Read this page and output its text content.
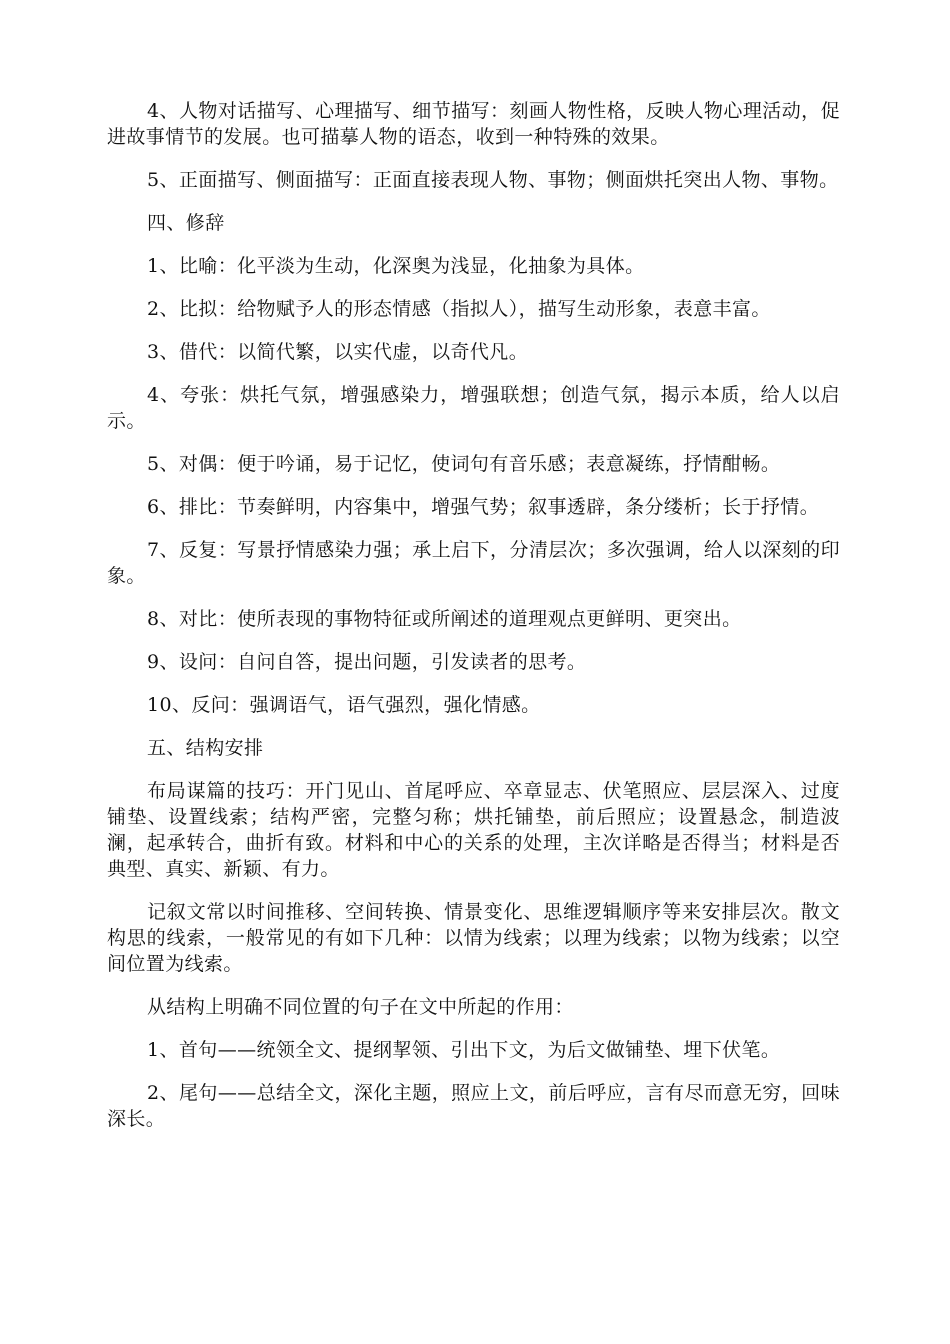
4、人物对话描写、心理描写、细节描写：刻画人物性格，反映人物心理活动，促进故事情节的发展。也可描摹人物的语态，收到一种特殊的效果。

5、正面描写、侧面描写：正面直接表现人物、事物；侧面烘托突出人物、事物。

四、修辞

1、比喻：化平淡为生动，化深奥为浅显，化抽象为具体。

2、比拟：给物赋予人的形态情感（指拟人），描写生动形象，表意丰富。

3、借代：以简代繁，以实代虚，以奇代凡。

4、夸张：烘托气氛，增强感染力，增强联想；创造气氛，揭示本质，给人以启示。

5、对偶：便于吟诵，易于记忆，使词句有音乐感；表意凝练，抒情酣畅。

6、排比：节奏鲜明，内容集中，增强气势；叙事透辟，条分缕析；长于抒情。

7、反复：写景抒情感染力强；承上启下，分清层次；多次强调，给人以深刻的印象。

8、对比：使所表现的事物特征或所阐述的道理观点更鲜明、更突出。

9、设问：自问自答，提出问题，引发读者的思考。

10、反问：强调语气，语气强烈，强化情感。

五、结构安排

布局谋篇的技巧：开门见山、首尾呼应、卒章显志、伏笔照应、层层深入、过度铺垫、设置线索；结构严密，完整匀称；烘托铺垫，前后照应；设置悬念，制造波澜，起承转合，曲折有致。材料和中心的关系的处理，主次详略是否得当；材料是否典型、真实、新颖、有力。

记叙文常以时间推移、空间转换、情景变化、思维逻辑顺序等来安排层次。散文构思的线索，一般常见的有如下几种：以情为线索；以理为线索；以物为线索；以空间位置为线索。

从结构上明确不同位置的句子在文中所起的作用：

1、首句——统领全文、提纲挈领、引出下文，为后文做铺垫、埋下伏笔。

2、尾句——总结全文，深化主题，照应上文，前后呼应，言有尽而意无穷，回味深长。
